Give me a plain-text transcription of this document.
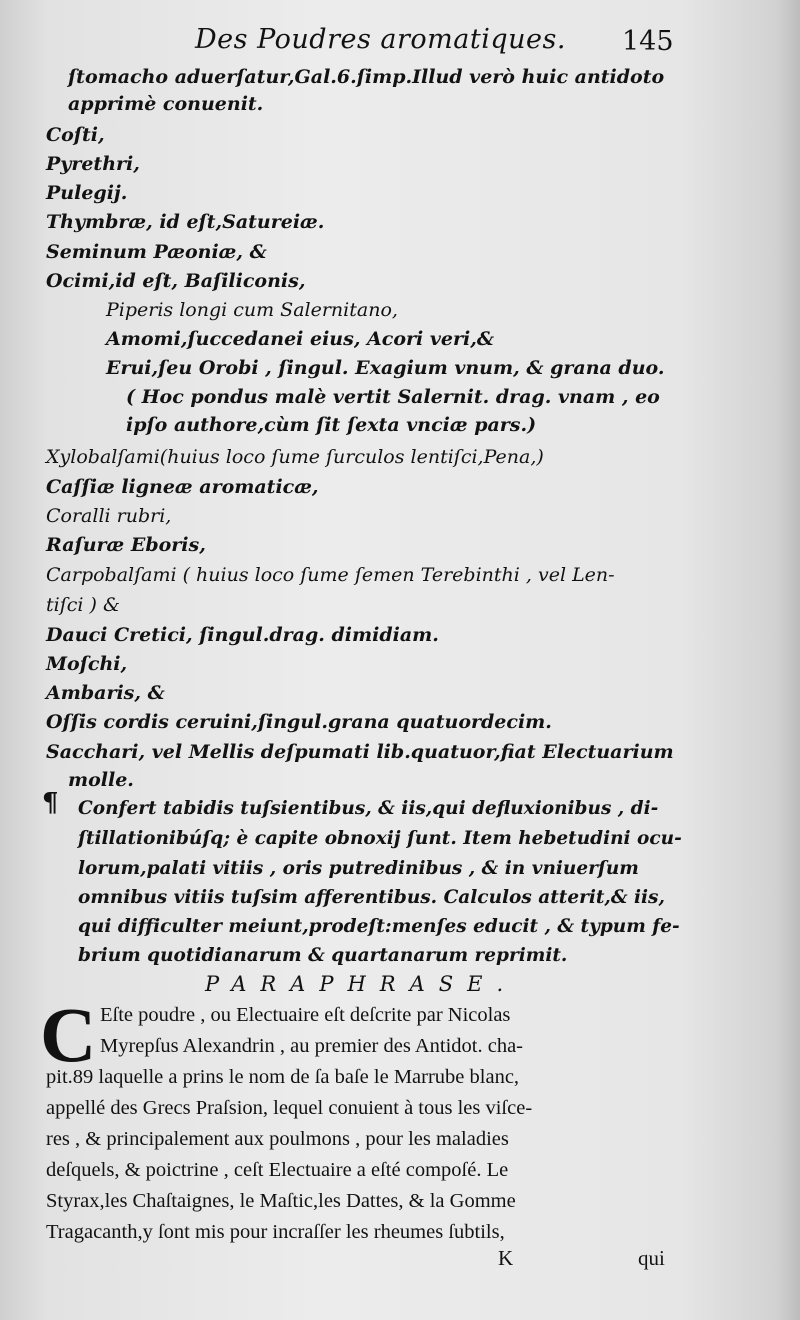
Des Poudres aromatiques. 145
ſtomacho aduerſatur,Gal.6.ſimp.Illud verò huic antidoto
apprimè conuenit.
Coſti,
Pyrethri,
Pulegij.
Thymbræ, id eſt,Satureiæ.
Seminum Pæoniæ, &
Ocimi,id eſt, Baſiliconis,
Piperis longi cum Salernitano,
Amomi,ſuccedanei eius, Acori veri,&
Erui,ſeu Orobi , ſingul. Exagium vnum, & grana duo.
( Hoc pondus malè vertit Salernit. drag. vnam , eo
ipſo authore,cùm ſit ſexta vnciæ pars.)
Xylobalſami(huius loco ſume ſurculos lentiſci,Pena,)
Caſſiæ ligneæ aromaticæ,
Coralli rubri,
Raſuræ Eboris,
Carpobalſami ( huius loco ſume ſemen Terebinthi , vel Len-
tiſci ) &
Dauci Cretici, ſingul.drag. dimidiam.
Moſchi,
Ambaris, &
Oſſis cordis ceruini,ſingul.grana quatuordecim.
Sacchari, vel Mellis deſpumati lib.quatuor,fiat Electuarium
molle.
¶ Confert tabidis tuſsientibus, & iis,qui defluxionibus , di-
ſtillationibúſq; è capite obnoxij ſunt. Item hebetudini ocu-
lorum,palati vitiis , oris putredinibus , & in vniuerſum
omnibus vitiis tuſsim afferentibus. Calculos atterit,& iis,
qui difficulter meiunt,prodeſt:menſes educit , & typum fe-
brium quotidianarum & quartanarum reprimit.
PARAPHRASE.
C Eſte poudre , ou Electuaire eſt deſcrite par Nicolas
Myrepſus Alexandrin , au premier des Antidot. cha-
pit.89 laquelle a prins le nom de ſa baſe le Marrube blanc,
appellé des Grecs Praſsion, lequel conuient à tous les viſce-
res , & principalement aux poulmons , pour les maladies
deſquels, & poictrine , ceſt Electuaire a eſté compoſé. Le
Styrax,les Chaſtaignes, le Maſtic,les Dattes, & la Gomme
Tragacanth,y ſont mis pour incraſſer les rheumes ſubtils,
K	qui
